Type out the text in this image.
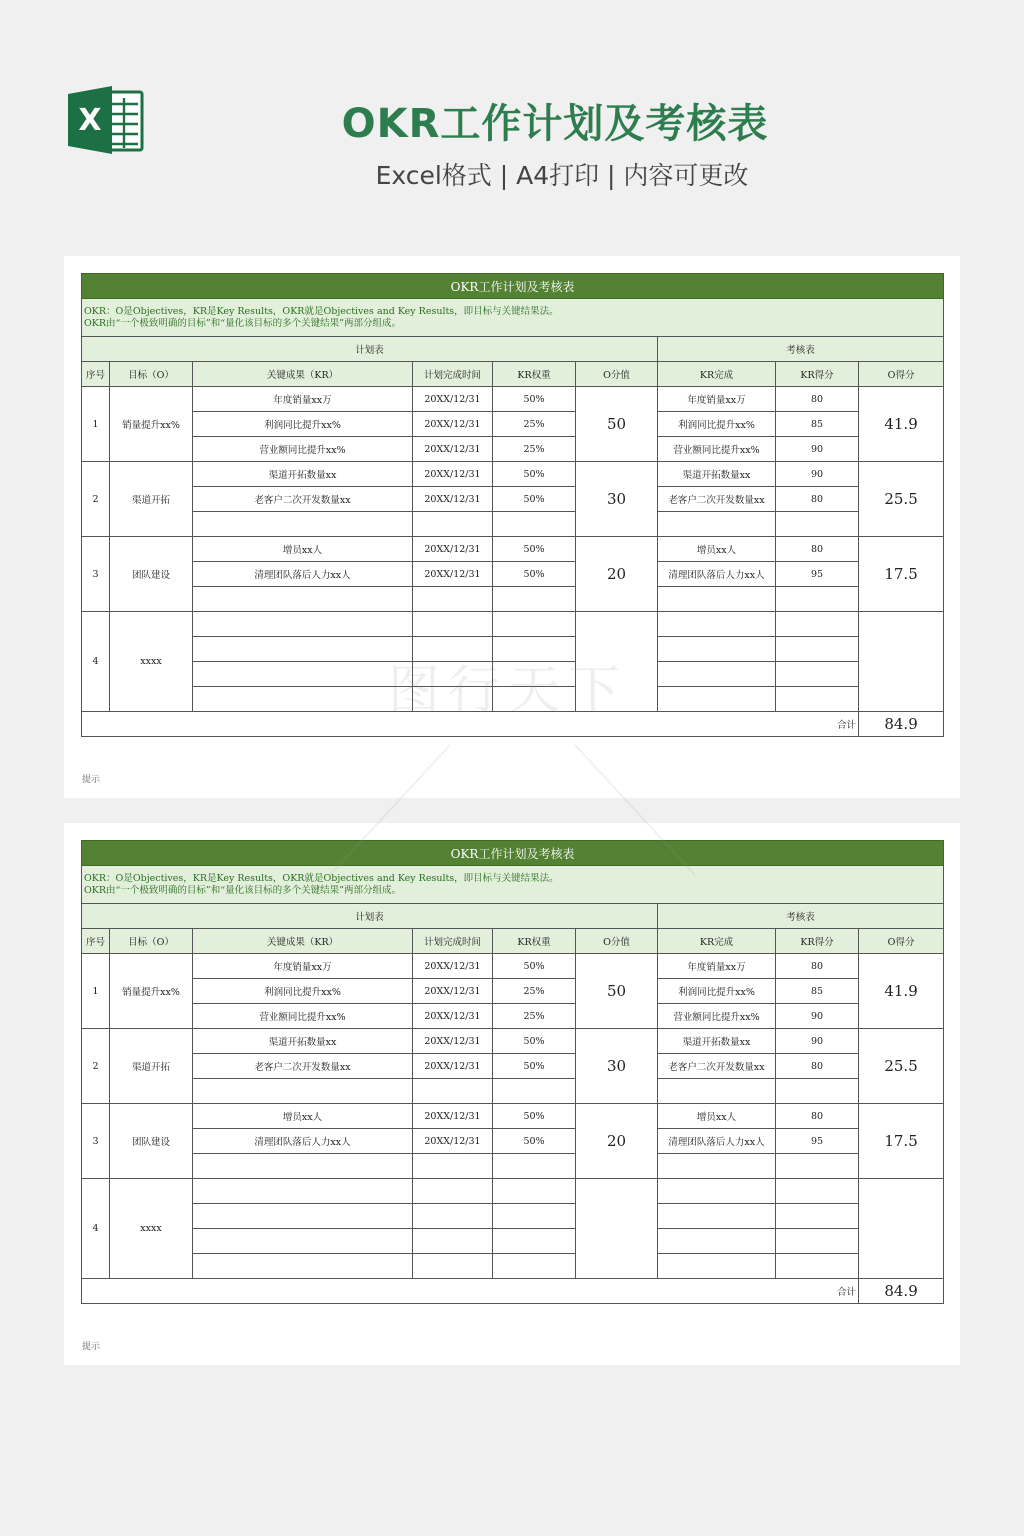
X	OKR工作计划及考核表
Excel格式 | A4打印 | 内容可更改
OKR工作计划及考核表								

OKR：O是Objectives，KR是Key Results，OKR就是Objectives and Key Results，即目标与关键结果法。
OKR由“一个极致明确的目标”和“量化该目标的多个关键结果”两部分组成。								

计划表						考核表		
序号	目标（O）	关键成果（KR）	计划完成时间	KR权重	O分值	KR完成	KR得分	O得分
1	销量提升xx%	年度销量xx万	20XX/12/31	50%	50	年度销量xx万	80	41.9
		利润同比提升xx%	20XX/12/31	25%		利润同比提升xx%	85	
		营业额同比提升xx%	20XX/12/31	25%		营业额同比提升xx%	90	
2	渠道开拓	渠道开拓数量xx	20XX/12/31	50%	30	渠道开拓数量xx	90	25.5
		老客户二次开发数量xx	20XX/12/31	50%		老客户二次开发数量xx	80	

3	团队建设	增员xx人	20XX/12/31	50%	20	增员xx人	80	17.5
		清理团队落后人力xx人	20XX/12/31	50%		清理团队落后人力xx人	95	

4	xxxx							

合计								84.9
提示
OKR工作计划及考核表								

OKR：O是Objectives，KR是Key Results，OKR就是Objectives and Key Results，即目标与关键结果法。
OKR由“一个极致明确的目标”和“量化该目标的多个关键结果”两部分组成。								

计划表						考核表		
序号	目标（O）	关键成果（KR）	计划完成时间	KR权重	O分值	KR完成	KR得分	O得分
1	销量提升xx%	年度销量xx万	20XX/12/31	50%	50	年度销量xx万	80	41.9
		利润同比提升xx%	20XX/12/31	25%		利润同比提升xx%	85	
		营业额同比提升xx%	20XX/12/31	25%		营业额同比提升xx%	90	
2	渠道开拓	渠道开拓数量xx	20XX/12/31	50%	30	渠道开拓数量xx	90	25.5
		老客户二次开发数量xx	20XX/12/31	50%		老客户二次开发数量xx	80	

3	团队建设	增员xx人	20XX/12/31	50%	20	增员xx人	80	17.5
		清理团队落后人力xx人	20XX/12/31	50%		清理团队落后人力xx人	95	

4	xxxx							

合计								84.9
提示
